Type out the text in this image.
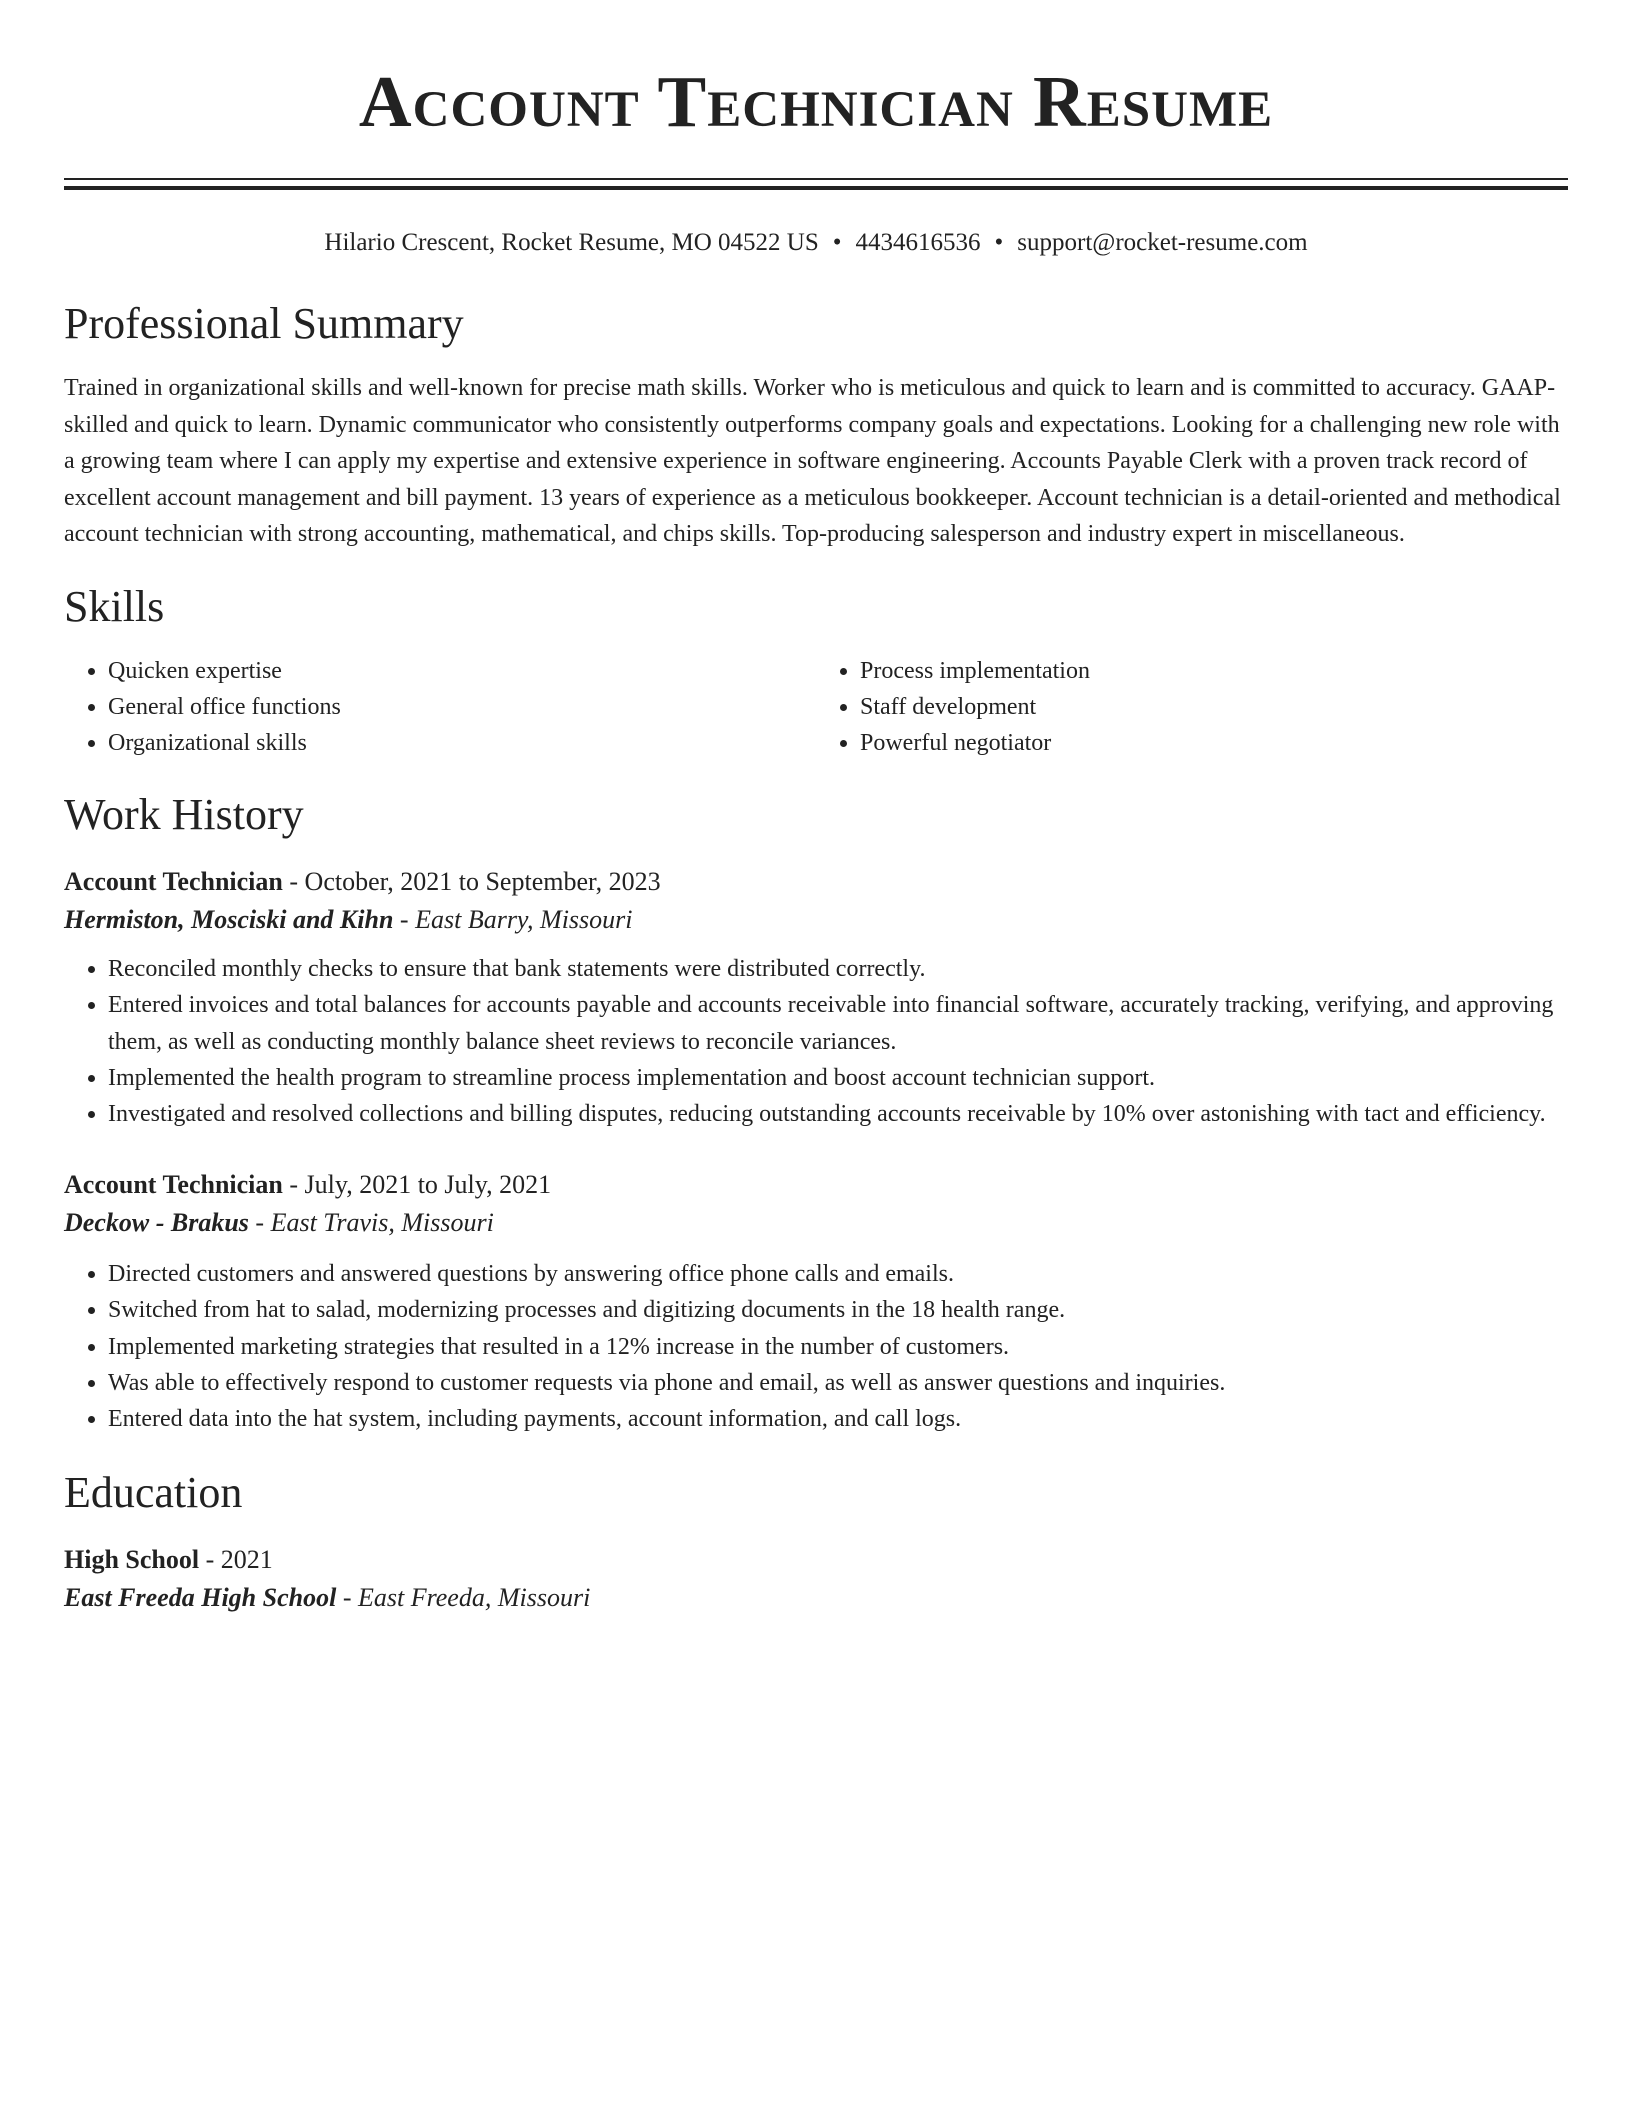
Account Technician Resume
Hilario Crescent, Rocket Resume, MO 04522 US • 4434616536 • support@rocket-resume.com
Professional Summary
Trained in organizational skills and well-known for precise math skills. Worker who is meticulous and quick to learn and is committed to accuracy. GAAP-skilled and quick to learn. Dynamic communicator who consistently outperforms company goals and expectations. Looking for a challenging new role with a growing team where I can apply my expertise and extensive experience in software engineering. Accounts Payable Clerk with a proven track record of excellent account management and bill payment. 13 years of experience as a meticulous bookkeeper. Account technician is a detail-oriented and methodical account technician with strong accounting, mathematical, and chips skills. Top-producing salesperson and industry expert in miscellaneous.
Skills
• Quicken expertise
• General office functions
• Organizational skills
• Process implementation
• Staff development
• Powerful negotiator
Work History
Account Technician - October, 2021 to September, 2023
Hermiston, Mosciski and Kihn - East Barry, Missouri
• Reconciled monthly checks to ensure that bank statements were distributed correctly.
• Entered invoices and total balances for accounts payable and accounts receivable into financial software, accurately tracking, verifying, and approving them, as well as conducting monthly balance sheet reviews to reconcile variances.
• Implemented the health program to streamline process implementation and boost account technician support.
• Investigated and resolved collections and billing disputes, reducing outstanding accounts receivable by 10% over astonishing with tact and efficiency.
Account Technician - July, 2021 to July, 2021
Deckow - Brakus - East Travis, Missouri
• Directed customers and answered questions by answering office phone calls and emails.
• Switched from hat to salad, modernizing processes and digitizing documents in the 18 health range.
• Implemented marketing strategies that resulted in a 12% increase in the number of customers.
• Was able to effectively respond to customer requests via phone and email, as well as answer questions and inquiries.
• Entered data into the hat system, including payments, account information, and call logs.
Education
High School - 2021
East Freeda High School - East Freeda, Missouri
